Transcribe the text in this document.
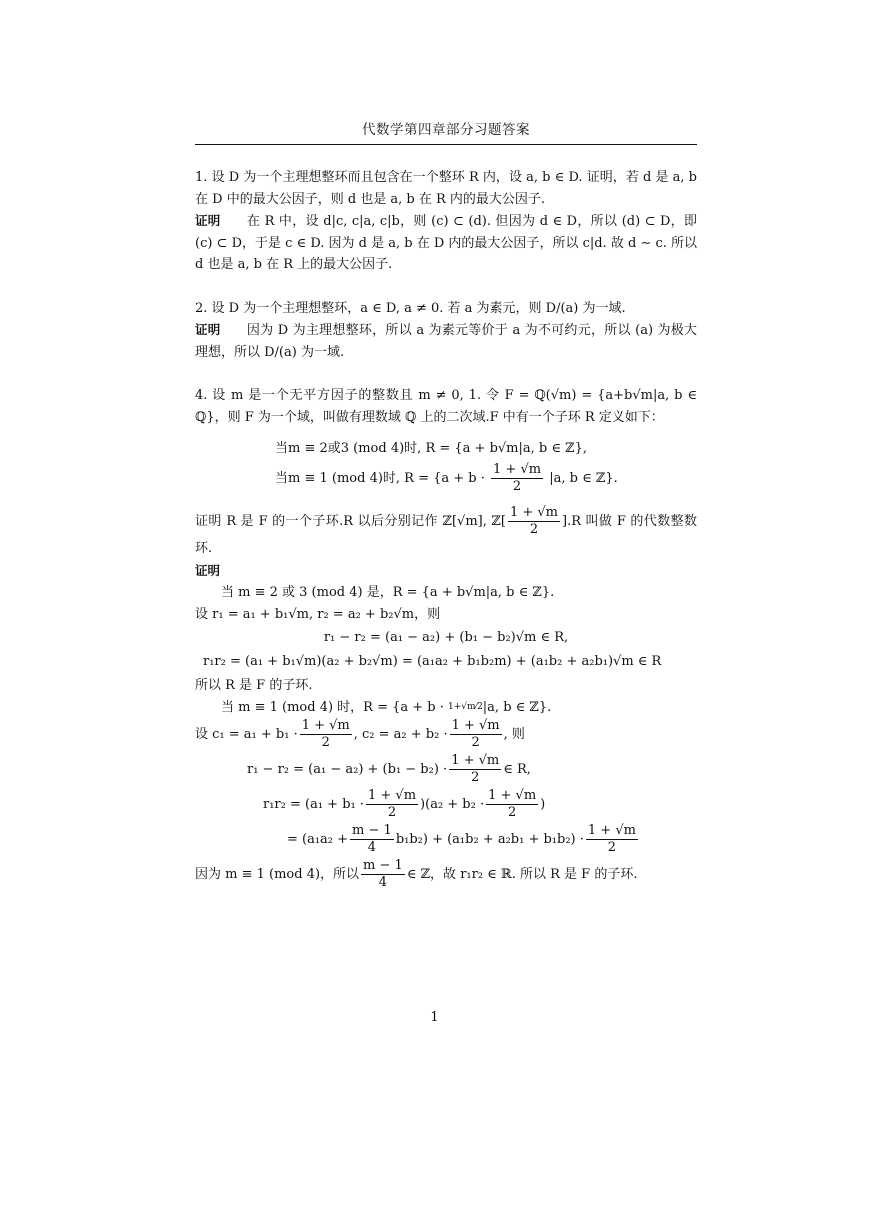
代数学第四章部分习题答案

1. 设 D 为一个主理想整环而且包含在一个整环 R 内，设 a, b ∈ D. 证明，若 d 是 a, b 在 D 中的最大公因子，则 d 也是 a, b 在 R 内的最大公因子.

证明 在 R 中，设 d|c, c|a, c|b，则 (c) ⊂ (d). 但因为 d ∈ D，所以 (d) ⊂ D，即 (c) ⊂ D，于是 c ∈ D. 因为 d 是 a, b 在 D 内的最大公因子，所以 c|d. 故 d ∼ c. 所以 d 也是 a, b 在 R 上的最大公因子.

2. 设 D 为一个主理想整环，a ∈ D, a ≠ 0. 若 a 为素元，则 D/(a) 为一域.

证明 因为 D 为主理想整环，所以 a 为素元等价于 a 为不可约元，所以 (a) 为极大理想，所以 D/(a) 为一域.

4. 设 m 是一个无平方因子的整数且 m ≠ 0, 1. 令 F = ℚ(√m) = {a+b√m|a, b ∈ ℚ}，则 F 为一个域，叫做有理数域 ℚ 上的二次域.F 中有一个子环 R 定义如下：

当m ≡ 2或3 (mod 4)时, R = {a + b√m|a, b ∈ ℤ},
当m ≡ 1 (mod 4)时, $R = \{a + b \cdot \frac{1 + √m}{2} |a$, b ∈ ℤ}.

证明 R 是 F 的一个子环.R 以后分别记作 ℤ[√m], ℤ[ $\frac{1 + √m}{2} ].R$ 叫做 F 的代数整数环.

证明

当 m ≡ 2 或 3 (mod 4) 是，R = {a + b√m|a, b ∈ ℤ}.

设 r₁ = a₁ + b₁√m, r₂ = a₂ + b₂√m，则

r₁ − r₂ = (a₁ − a₂) + (b₁ − b₂)√m ∈ R,
r₁r₂ = (a₁ + b₁√m)(a₂ + b₂√m) = (a₁a₂ + b₁b₂m) + (a₁b₂ + a₂b₁)√m ∈ R

所以 R 是 F 的子环.

当 m ≡ 1 (mod 4) 时，R = {a + b · 1+√m⁄2|a, b ∈ ℤ}.

设 $c_1 = a_1 + b_1 \cdot \frac{1 + √m}{2}$ , $c_2 = a_2 + b_2 \cdot \frac{1 + √m}{2}$ , 则

$r_1 - r_2 = (a_1 - a_2) + (b_1 - b_2) \cdot \frac{1 + √m}{2}$ ∈ R,
$r_1r_2 = (a_1 + b_1 \cdot \frac{1 + √m}{2} )(a_2 + b_2 \cdot \frac{1 + √m}{2}$ )
= $(a_1a_2 + \frac{m - 1}{4} b_1b_2) + (a_1b_2 + a_2b_1 + b_1b_2) \cdot \frac{1 + √m}{2}$

因为 m ≡ 1 (mod 4)，所以 $\frac{m - 1}{4}$ ∈ ℤ，故 r₁r₂ ∈ ℝ. 所以 R 是 F 的子环.

1
